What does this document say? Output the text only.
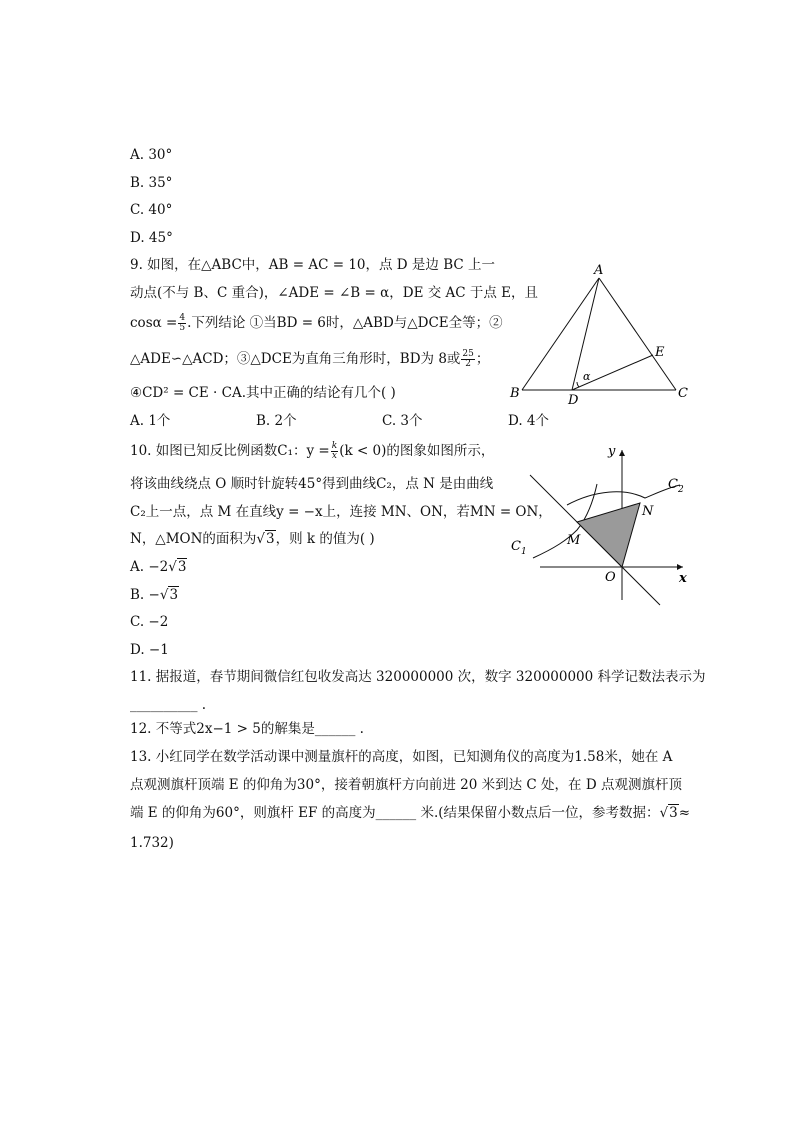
A. 30°
B. 35°
C. 40°
D. 45°
9. 如图，在△ABC中，AB = AC = 10，点 D 是边 BC 上一
动点(不与 B、C 重合)，∠ADE = ∠B = α，DE 交 AC 于点 E，且
$\cos\alpha = \frac{4}{5}$ .下列结论 ①当BD = 6时，△ABD与△DCE全等；②
△ADE∽△ACD；③△DCE为直角三角形时，BD为 8或 $\frac{25}{2}$ ；
④CD² = CE · CA.其中正确的结论有几个( )
A. 1个	B. 2个	C. 3个	D. 4个
A
B	C
D
E
α
10. 如图已知反比例函数C₁：$y = \frac{k}{x} (k < 0)$的图象如图所示，
将该曲线绕点 O 顺时针旋转45°得到曲线C₂，点 N 是由曲线
C₂上一点，点 M 在直线y = −x上，连接 MN、ON，若MN = ON，
N，△MON的面积为√3，则 k 的值为( )
A. −2√3
B. −√3
C. −2
D. −1
y
x
O
M
N
$C_1$
$C_2$
11. 据报道，春节期间微信红包收发高达 320000000 次，数字 320000000 科学记数法表示为
__________ .
12. 不等式2x−1 > 5的解集是______ .
13. 小红同学在数学活动课中测量旗杆的高度，如图，已知测角仪的高度为1.58米，她在 A
点观测旗杆顶端 E 的仰角为30°，接着朝旗杆方向前进 20 米到达 C 处，在 D 点观测旗杆顶
端 E 的仰角为60°，则旗杆 EF 的高度为______ 米.(结果保留小数点后一位，参考数据：√3≈
1.732)
